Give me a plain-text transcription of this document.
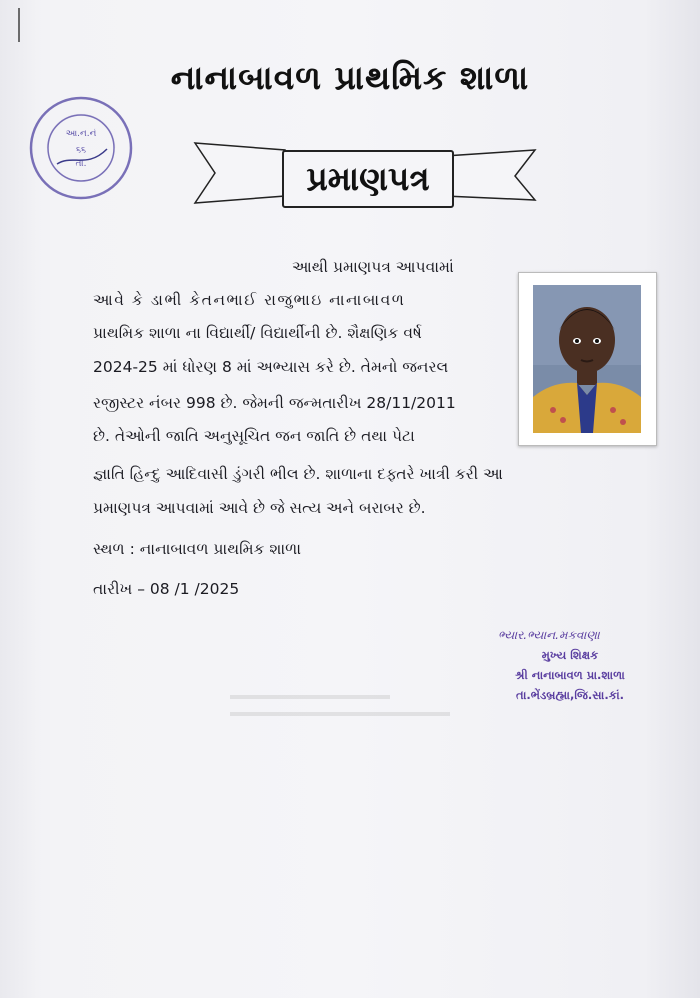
નાનાબાવળ પ્રાથમિક શાળા
આ.ન.નં
૬૬
તા.	પ્રમાણપત્ર
આથી પ્રમાણપત્ર આપવામાં
આવે કે ડાભી કેતનભાઈ રાજુભાઇ નાનાબાવળ
પ્રાથમિક શાળા ના વિદ્યાર્થી/ વિદ્યાર્થીની છે. શૈક્ષણિક વર્ષ
2024-25 માં ધોરણ 8 માં અભ્યાસ કરે છે. તેમનો જનરલ
રજીસ્ટર નંબર 998 છે. જેમની જન્મતારીખ 28/11/2011
છે. તેઓની જાતિ અનુસૂચિત જન જાતિ છે તથા પેટા
જ્ઞાતિ હિન્દુ આદિવાસી ડુંગરી ભીલ છે. શાળાના દફ્તરે ખાત્રી કરી આ
પ્રમાણપત્ર આપવામાં આવે છે જે સત્ય અને બરાબર છે.
સ્થળ : નાનાબાવળ પ્રાથમિક શાળા
તારીખ – 08 /1 /2025
ભ્યાર.ભ્યાન.મકવાણા
મુખ્ય શિક્ષક
શ્રી નાનાબાવળ પ્રા.શાળા
તા.ભેંડબ્રહ્મા,જિ.સા.કાં.
